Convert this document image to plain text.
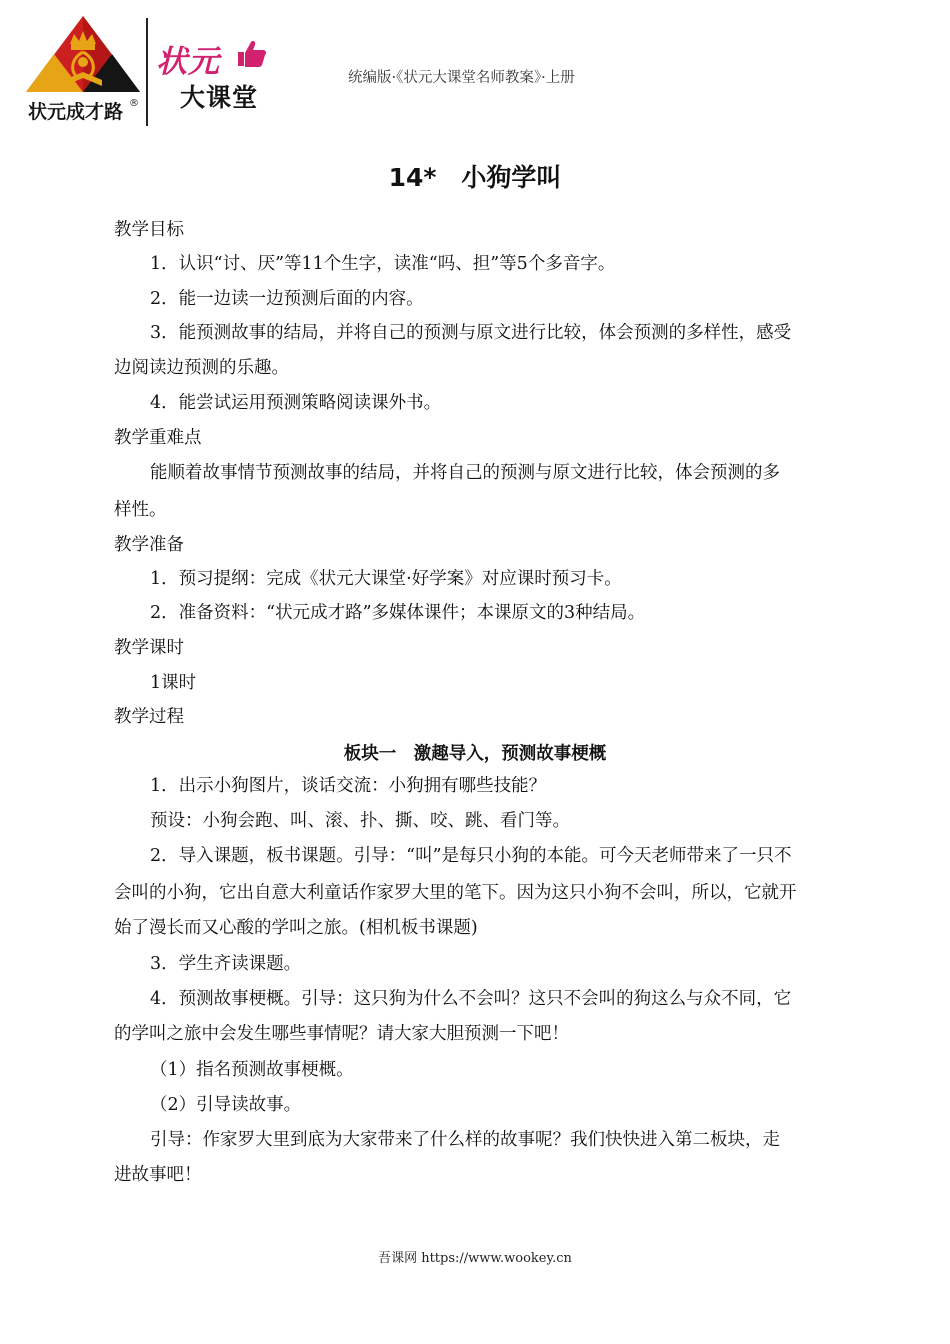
状元成才路 ®
状元
大课堂
统编版·《状元大课堂名师教案》·上册
14*　小狗学叫
教学目标
1．认识“讨、厌”等11个生字，读准“吗、担”等5个多音字。
2．能一边读一边预测后面的内容。
3．能预测故事的结局，并将自己的预测与原文进行比较，体会预测的多样性，感受
边阅读边预测的乐趣。
4．能尝试运用预测策略阅读课外书。
教学重难点
能顺着故事情节预测故事的结局，并将自己的预测与原文进行比较，体会预测的多
样性。
教学准备
1．预习提纲：完成《状元大课堂·好学案》对应课时预习卡。
2．准备资料：“状元成才路”多媒体课件；本课原文的3种结局。
教学课时
1课时
教学过程
板块一　激趣导入，预测故事梗概
1．出示小狗图片，谈话交流：小狗拥有哪些技能？
预设：小狗会跑、叫、滚、扑、撕、咬、跳、看门等。
2．导入课题，板书课题。引导：“叫”是每只小狗的本能。可今天老师带来了一只不
会叫的小狗，它出自意大利童话作家罗大里的笔下。因为这只小狗不会叫，所以，它就开
始了漫长而又心酸的学叫之旅。(相机板书课题)
3．学生齐读课题。
4．预测故事梗概。引导：这只狗为什么不会叫？这只不会叫的狗这么与众不同，它
的学叫之旅中会发生哪些事情呢？请大家大胆预测一下吧！
（1）指名预测故事梗概。
（2）引导读故事。
引导：作家罗大里到底为大家带来了什么样的故事呢？我们快快进入第二板块，走
进故事吧！
吾课网 https://www.wookey.cn
